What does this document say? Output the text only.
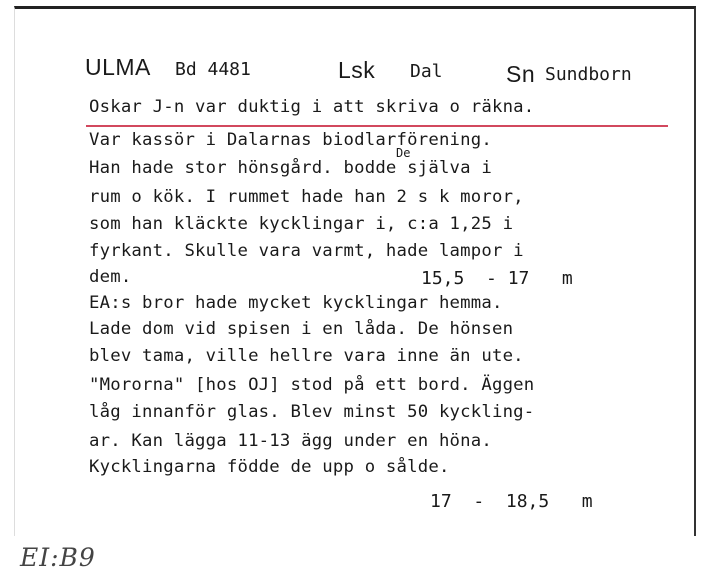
ULMA Bd 4481	Lsk Dal	Sn Sundborn
Oskar J-n var duktig i att skriva o räkna.
Var kassör i Dalarnas biodlarförening.
De
Han hade stor hönsgård. bodde själva i
rum o kök. I rummet hade han 2 s k moror,
som han kläckte kycklingar i, c:a 1,25 i
fyrkant. Skulle vara varmt, hade lampor i
dem.	15,5  - 17   m
EA:s bror hade mycket kycklingar hemma.
Lade dom vid spisen i en låda. De hönsen
blev tama, ville hellre vara inne än ute.
"Mororna" [hos OJ] stod på ett bord. Äggen
låg innanför glas. Blev minst 50 kyckling-
ar. Kan lägga 11-13 ägg under en höna.
Kycklingarna födde de upp o sålde.
17  -  18,5   m
EI:B9
